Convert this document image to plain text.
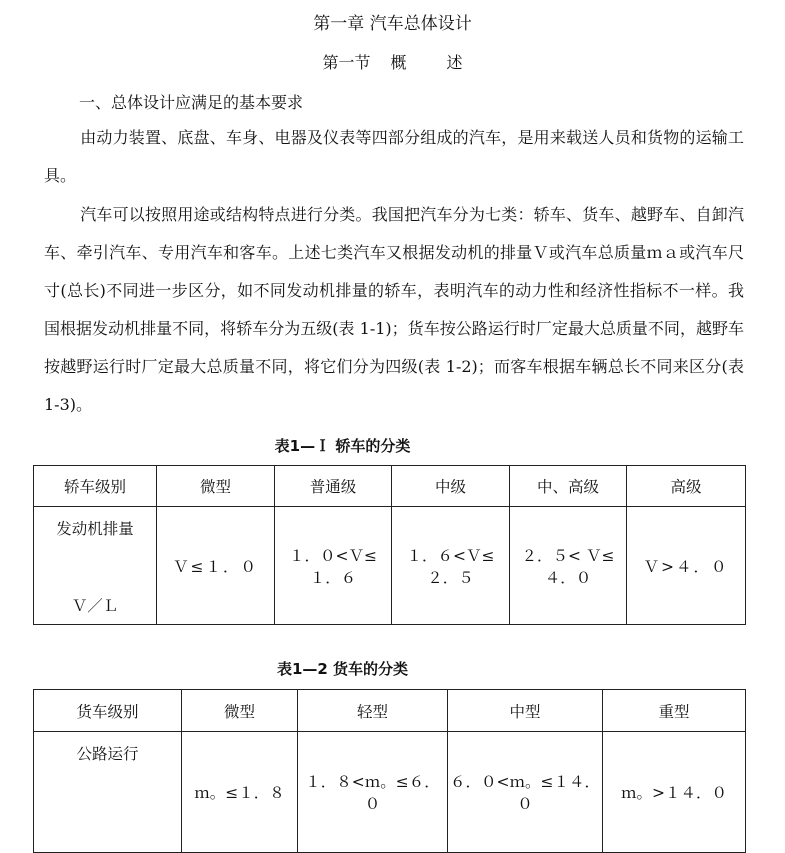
第一章 汽车总体设计
第一节 概	述
一、总体设计应满足的基本要求
由动力装置、底盘、车身、电器及仪表等四部分组成的汽车，是用来载送人员和货物的运输工具。
汽车可以按照用途或结构特点进行分类。我国把汽车分为七类：轿车、货车、越野车、自卸汽车、牵引汽车、专用汽车和客车。上述七类汽车又根据发动机的排量Ｖ或汽车总质量ｍａ或汽车尺寸(总长)不同进一步区分，如不同发动机排量的轿车，表明汽车的动力性和经济性指标不一样。我国根据发动机排量不同，将轿车分为五级(表 1-1)；货车按公路运行时厂定最大总质量不同，越野车按越野运行时厂定最大总质量不同，将它们分为四级(表 1-2)；而客车根据车辆总长不同来区分(表 1-3)。
表1—Ｉ 轿车的分类
轿车级别	微型	普通级	中级	中、高级	高级

发动机排量
Ｖ／Ｌ	Ｖ≤１．０	１．０<Ｖ≤１．６	１．６<Ｖ≤２．５	２．５< Ｖ≤４．０	Ｖ>４．０
表1—2 货车的分类
货车级别	微型	轻型	中型	重型

公路运行	ｍ。≤１．８	１．８<ｍ。≤６．０	６．０<ｍ。≤１４．０	ｍ。>１４．０
